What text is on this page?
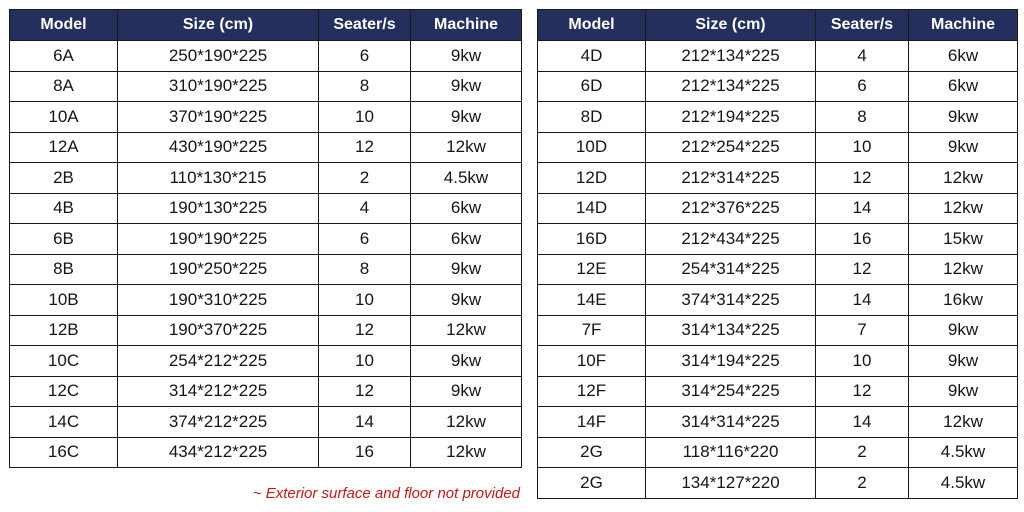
Model	Size (cm)	Seater/s	Machine
6A	250*190*225	6	9kw
8A	310*190*225	8	9kw
10A	370*190*225	10	9kw
12A	430*190*225	12	12kw
2B	110*130*215	2	4.5kw
4B	190*130*225	4	6kw
6B	190*190*225	6	6kw
8B	190*250*225	8	9kw
10B	190*310*225	10	9kw
12B	190*370*225	12	12kw
10C	254*212*225	10	9kw
12C	314*212*225	12	9kw
14C	374*212*225	14	12kw
16C	434*212*225	16	12kw
Model	Size (cm)	Seater/s	Machine
4D	212*134*225	4	6kw
6D	212*134*225	6	6kw
8D	212*194*225	8	9kw
10D	212*254*225	10	9kw
12D	212*314*225	12	12kw
14D	212*376*225	14	12kw
16D	212*434*225	16	15kw
12E	254*314*225	12	12kw
14E	374*314*225	14	16kw
7F	314*134*225	7	9kw
10F	314*194*225	10	9kw
12F	314*254*225	12	9kw
14F	314*314*225	14	12kw
2G	118*116*220	2	4.5kw
2G	134*127*220	2	4.5kw
~ Exterior surface and floor not provided
